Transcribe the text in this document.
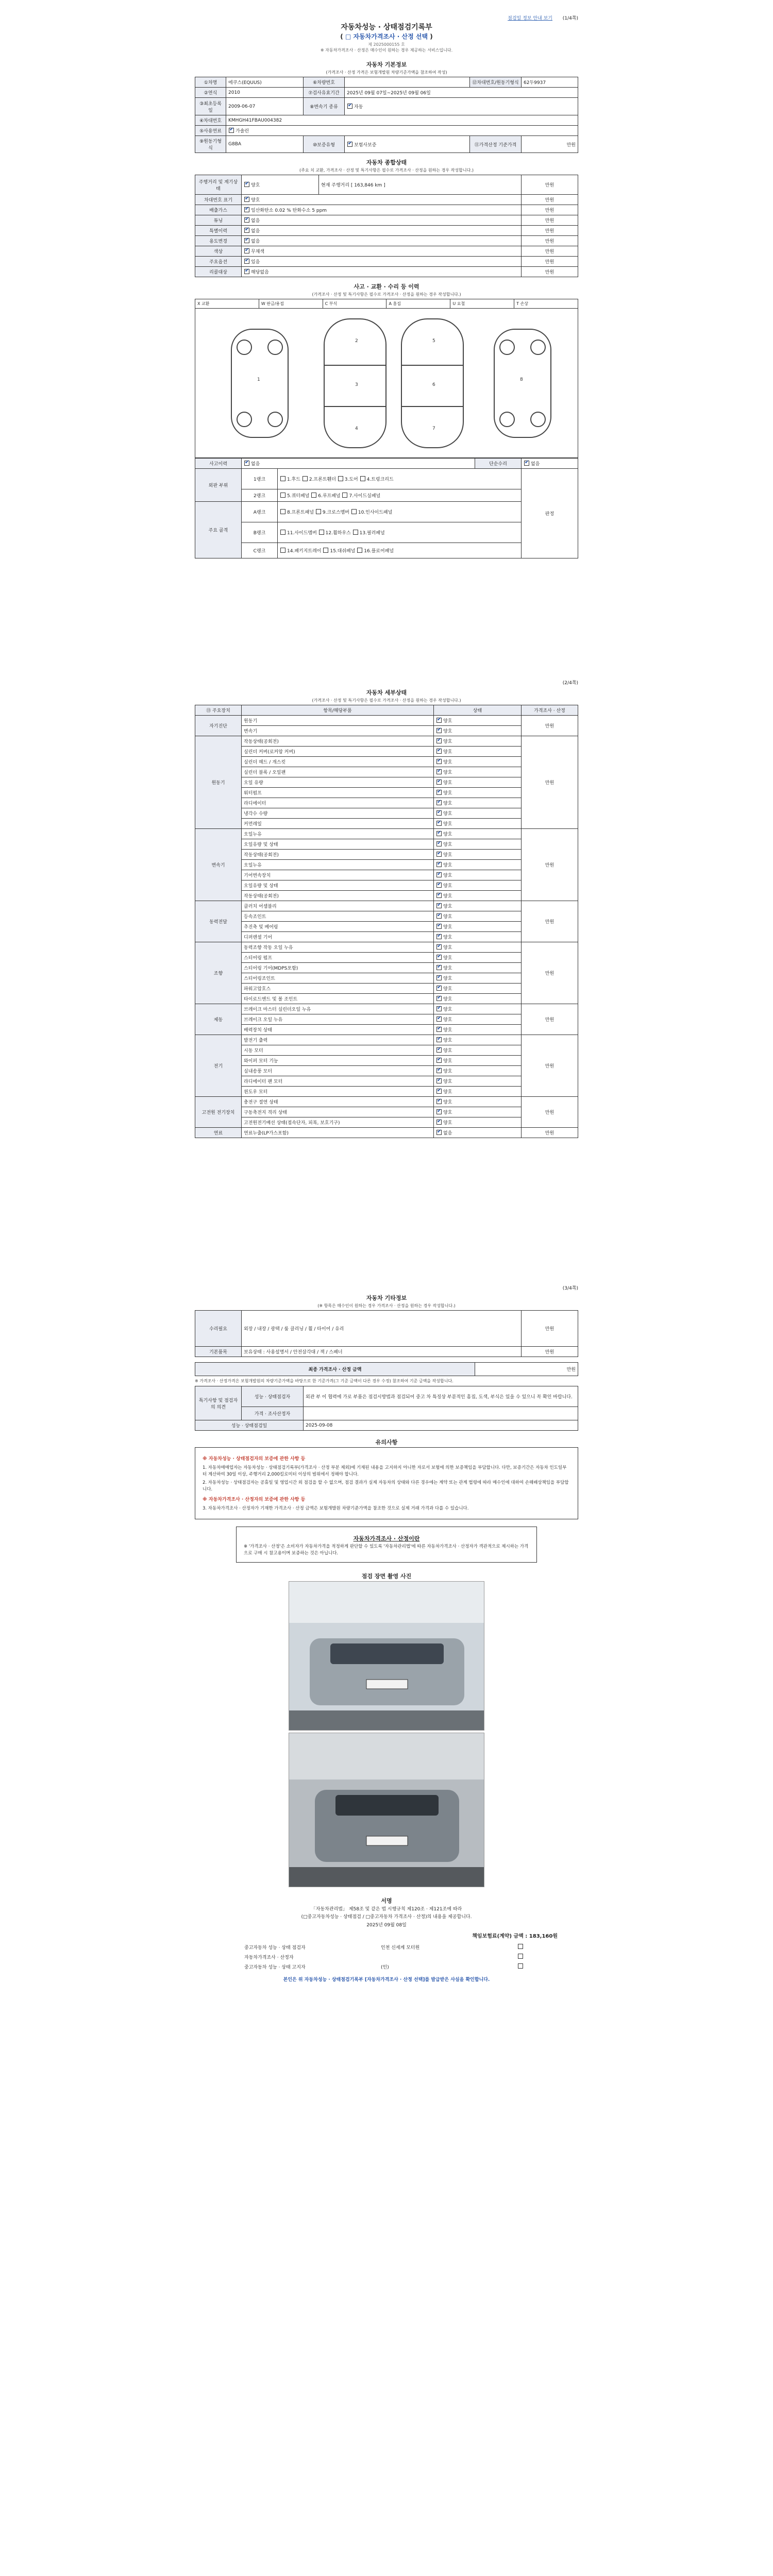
점검일 정보 안내 보기 (1/4쪽)
자동차성능 · 상태점검기록부
( □ 자동차가격조사 · 산정 선택 )
제 2025000155 호
※ 자동차가격조사 · 산정은 매수인이 원하는 경우 제공하는 서비스입니다.
자동차 기본정보
(가격조사 · 산정 가격은 보험개발원 차량기준가액을 참조하여 작성)
①차명	에쿠스(EQUUS)	⑥차량번호		⑫차대번호/원동기형식	62두9937
②연식	2010	⑦검사유효기간	2025년 09월 07일~2025년 09월 06일		
③최초등록일	2009-06-07	⑧변속기 종류	✔자동
④차대번호	KMHGH41FBAU004382				
⑤사용연료	✔가솔린
⑨원동기형식	G8BA	⑩보증유형	✔보험사보증	⑪가격산정 기준가격	만원
자동차 종합상태
(주요 치 교환, 가격조사 · 산정 및 특기사항은 필수로 가격조사 · 산정을 원하는 경우 작성합니다.)
주행거리 및 계기상태	✔양호	현재 주행거리 [ 163,846 km ]	만원
차대번호 표기	✔양호		만원
배출가스	✔일산화탄소 0.02 % 탄화수소 5 ppm		만원
튜닝	✔없음		만원
특별이력	✔없음		만원
용도변경	✔없음		만원
색상	✔무채색		만원
주요옵션	✔있음		만원
리콜대상	✔해당없음		만원
사고 · 교환 · 수리 등 이력
(가격조사 · 산정 및 특기사항은 필수로 가격조사 · 산정을 원하는 경우 작성합니다.)
X 교환	W 판금/용접	C 부식	A 흠집	U 요철	T 손상
1
2
3
4
5
6
7
8
사고이력	✔없음	단순수리	✔없음
외판 부위	1랭크	1.후드 2.프론트휀더 3.도어 4.트렁크리드	판정
	2랭크	5.쿼터패널 6.루프패널 7.사이드실패널	
주요 골격	A랭크	8.프론트패널 9.크로스멤버 10.인사이드패널	
	B랭크	11.사이드멤버 12.휠하우스 13.필러패널	
	C랭크	14.패키지트레이 15.대쉬패널 16.플로어패널	
(2/4쪽)
자동차 세부상태
(가격조사 · 산정 및 특기사항은 필수로 가격조사 · 산정을 원하는 경우 작성합니다.)
⑬ 주요장치	항목/해당부품	상태	가격조사 · 산정
자기진단	원동기	✔양호	만원
	변속기	✔양호
원동기	작동상태(공회전)	✔양호	만원
	실린더 커버(로커암 커버)	✔양호
	실린더 헤드 / 개스킷	✔양호
	실린더 블록 / 오일팬	✔양호
	오일 유량	✔양호
	워터펌프	✔양호
	라디에이터	✔양호
	냉각수 수량	✔양호
	커먼레일	✔양호
변속기	오일누유	✔양호	만원
	오일유량 및 상태	✔양호
	작동상태(공회전)	✔양호
	오일누유	✔양호
	기어변속장치	✔양호
	오일유량 및 상태	✔양호
	작동상태(공회전)	✔양호
동력전달	클러치 어셈블리	✔양호	만원
	등속조인트	✔양호
	추진축 및 베어링	✔양호
	디퍼렌셜 기어	✔양호
조향	동력조향 작동 오일 누유	✔양호	만원
	스티어링 펌프	✔양호
	스티어링 기어(MDPS포함)	✔양호
	스티어링조인트	✔양호
	파워고압호스	✔양호
	타이로드엔드 및 볼 조인트	✔양호
제동	브레이크 마스터 실린더오일 누유	✔양호	만원
	브레이크 오일 누유	✔양호
	배력장치 상태	✔양호
전기	발전기 출력	✔양호	만원
	시동 모터	✔양호
	와이퍼 모터 기능	✔양호
	실내송풍 모터	✔양호
	라디에이터 팬 모터	✔양호
	윈도우 모터	✔양호
고전원 전기장치	충전구 절연 상태	✔양호	만원
	구동축전지 격리 상태	✔양호
	고전원전기배선 상태(접속단자, 피복, 보호기구)	✔양호
연료	연료누출(LP가스포함)	✔없음	만원
(3/4쪽)
자동차 기타정보
(※ 항목은 매수인이 원하는 경우 가격조사 · 산정을 원하는 경우 작성합니다.)
수리필요	외장 / 내장 / 광택 / 룸 클리닝 / 휠 / 타이어 / 유리	만원
기본품목	보유상태 : 사용설명서 / 안전삼각대 / 잭 / 스패너	만원
최종 가격조사 · 산정 금액	만원
※ 가격조사 · 산정가격은 보험개발원의 차량기준가액을 바탕으로 한 기준가격(그 기준 금액이 다른 경우 수정) 참조하여 기준 금액을 작성합니다.
특기사항 및 점검자의 의견	성능 · 상태점검자	외관 부 이 협력에 가로 부품은 점검시방법과 점검되어 중고 차 특징상 부분적인 흠집, 도색, 부식은 있을 수 있으니 꼭 확인 바랍니다.
	가격 · 조사산정자	
성능 · 상태점검일		2025-09-08
유의사항
※ 자동차성능 · 상태점검자의 보증에 관한 사항 등

1. 자동차매매업자는 자동차성능 · 상태점검기록부(가격조사 · 산정 부분 제외)에 기재된 내용을 고지하지 아니한 자로서 보험에 의한 보증책임을 부담합니다. 다만, 보증기간은 자동차 인도일부터 계산하여 30일 이상, 주행거리 2,000킬로미터 이상의 범위에서 정해야 합니다.

2. 자동차성능 · 상태점검자는 공휴일 및 영업시간 외 점검을 할 수 없으며, 점검 결과가 실제 자동차의 상태와 다른 경우에는 계약 또는 관계 법령에 따라 매수인에 대하여 손해배상책임을 부담합니다.

※ 자동차가격조사 · 산정자의 보증에 관한 사항 등

3. 자동차가격조사 · 산정자가 기재한 가격조사 · 산정 금액은 보험개발원 차량기준가액을 참조한 것으로 실제 거래 가격과 다를 수 있습니다.

자동차가격조사 · 산정이란

※ '가격조사 · 산정'은 소비자가 자동차가격을 적정하게 판단할 수 있도록 '자동차관리법'에 따른 자동차가격조사 · 산정자가 객관적으로 제시하는 가격으로 구매 시 참고용이며 보증하는 것은 아닙니다.

점검 장면 촬영 사진
서명
「자동차관리법」 제58조 및 같은 법 시행규칙 제120조 · 제121조에 따라
(□중고자동차성능 · 상태점검 / □중고자동차 가격조사 · 산정)의 내용을 제공합니다.
2025년 09월 08일
책임보험료(계약) 금액 : 183,160원
중고자동차 성능 · 상태 점검자	인천 신세계 모터원	
자동차가격조사 · 산정자		
중고자동차 성능 · 상태 고지자	(인)	
본인은 위 자동차성능 · 상태점검기록부 [자동차가격조사 · 산정 선택]를 발급받은 사실을 확인합니다.
